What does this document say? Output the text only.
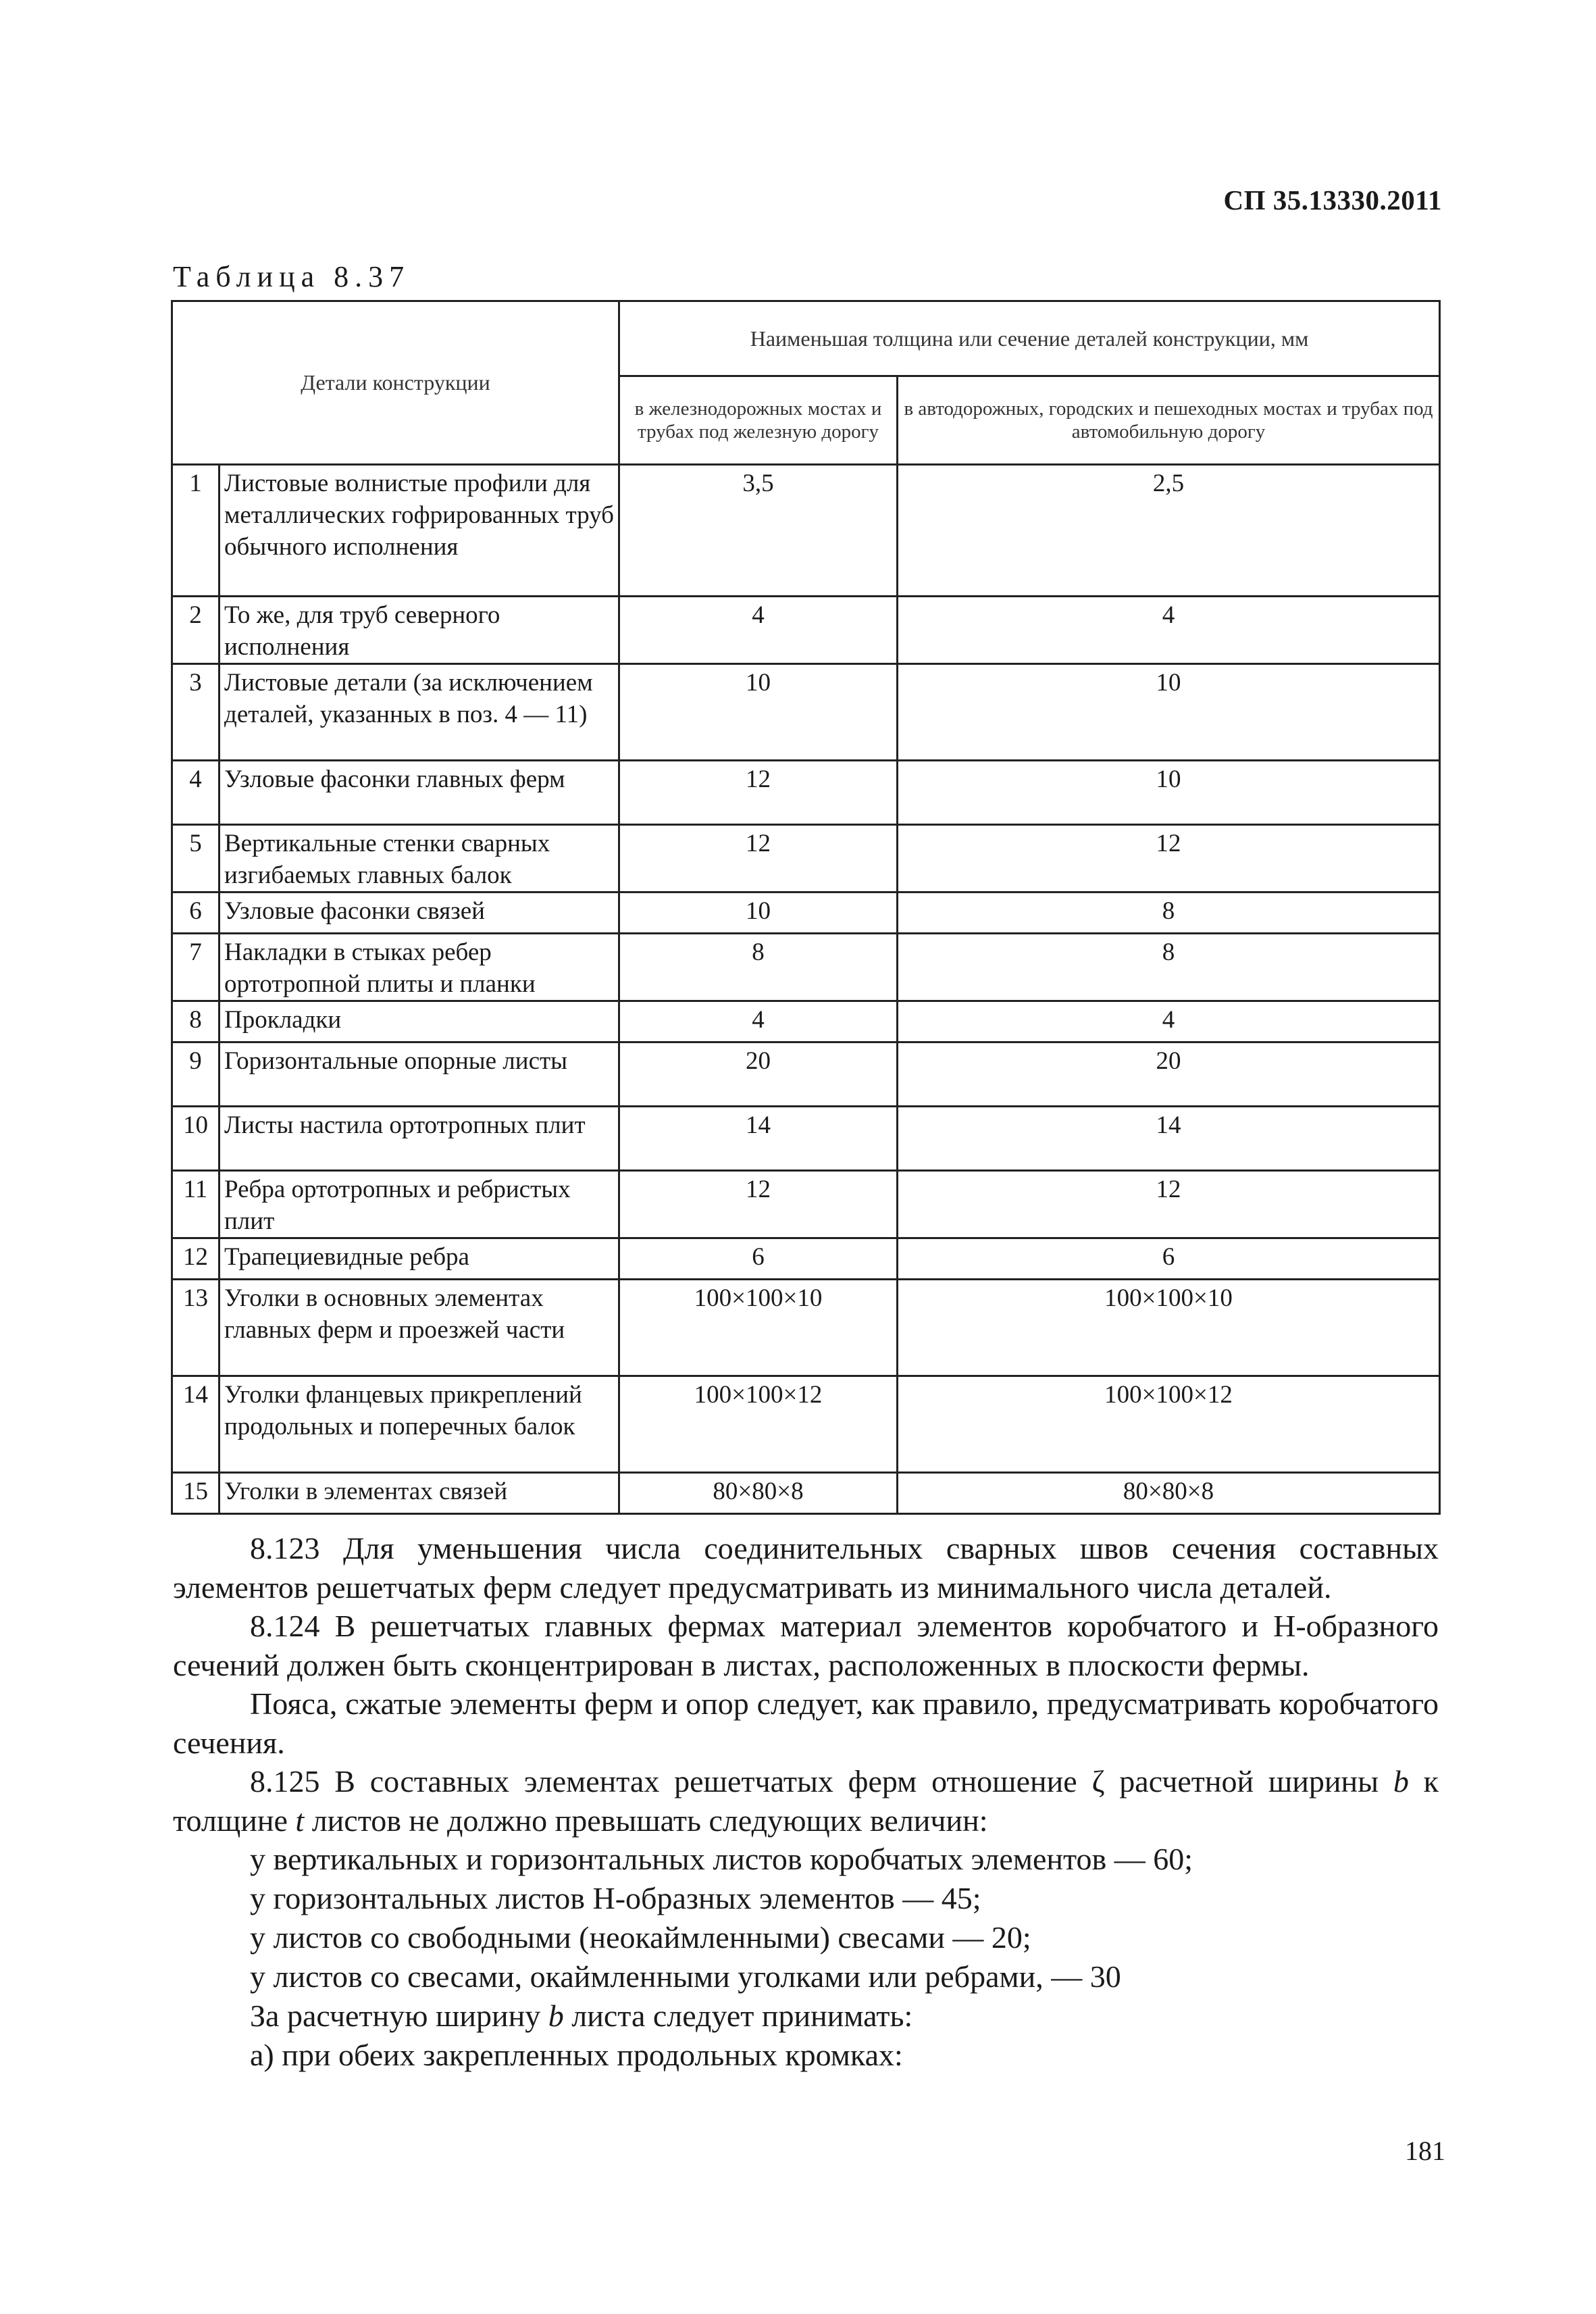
СП 35.13330.2011
Таблица 8.37
Детали конструкции		Наименьшая толщина или сечение деталей конструкции, мм	
		в железнодорожных мостах и трубах под железную дорогу	в автодорожных, городских и пешеходных мостах и трубах под автомобильную дорогу
1	Листовые волнистые профили для металлических гофрированных труб обычного исполнения	3,5	2,5
2	То же, для труб северного исполнения	4	4
3	Листовые детали (за исключением деталей, указанных в поз. 4 — 11)	10	10
4	Узловые фасонки главных ферм	12	10
5	Вертикальные стенки сварных изгибаемых главных балок	12	12
6	Узловые фасонки связей	10	8
7	Накладки в стыках ребер ортотропной плиты и планки	8	8
8	Прокладки	4	4
9	Горизонтальные опорные листы	20	20
10	Листы настила ортотропных плит	14	14
11	Ребра ортотропных и ребристых плит	12	12
12	Трапециевидные ребра	6	6
13	Уголки в основных элементах главных ферм и проезжей части	100×100×10	100×100×10
14	Уголки фланцевых прикреплений продольных и поперечных балок	100×100×12	100×100×12
15	Уголки в элементах связей	80×80×8	80×80×8
8.123 Для уменьшения числа соединительных сварных швов сечения составных элементов решетчатых ферм следует предусматривать из минимального числа деталей.
8.124 В решетчатых главных фермах материал элементов коробчатого и Н-образного сечений должен быть сконцентрирован в листах, расположенных в плоскости фермы.
Пояса, сжатые элементы ферм и опор следует, как правило, предусматривать коробчатого сечения.
8.125 В составных элементах решетчатых ферм отношение ζ расчетной ширины b к толщине t листов не должно превышать следующих величин:
у вертикальных и горизонтальных листов коробчатых элементов — 60;
у горизонтальных листов Н-образных элементов — 45;
у листов со свободными (неокаймленными) свесами — 20;
у листов со свесами, окаймленными уголками или ребрами, — 30
За расчетную ширину b листа следует принимать:
а) при обеих закрепленных продольных кромках:
181
